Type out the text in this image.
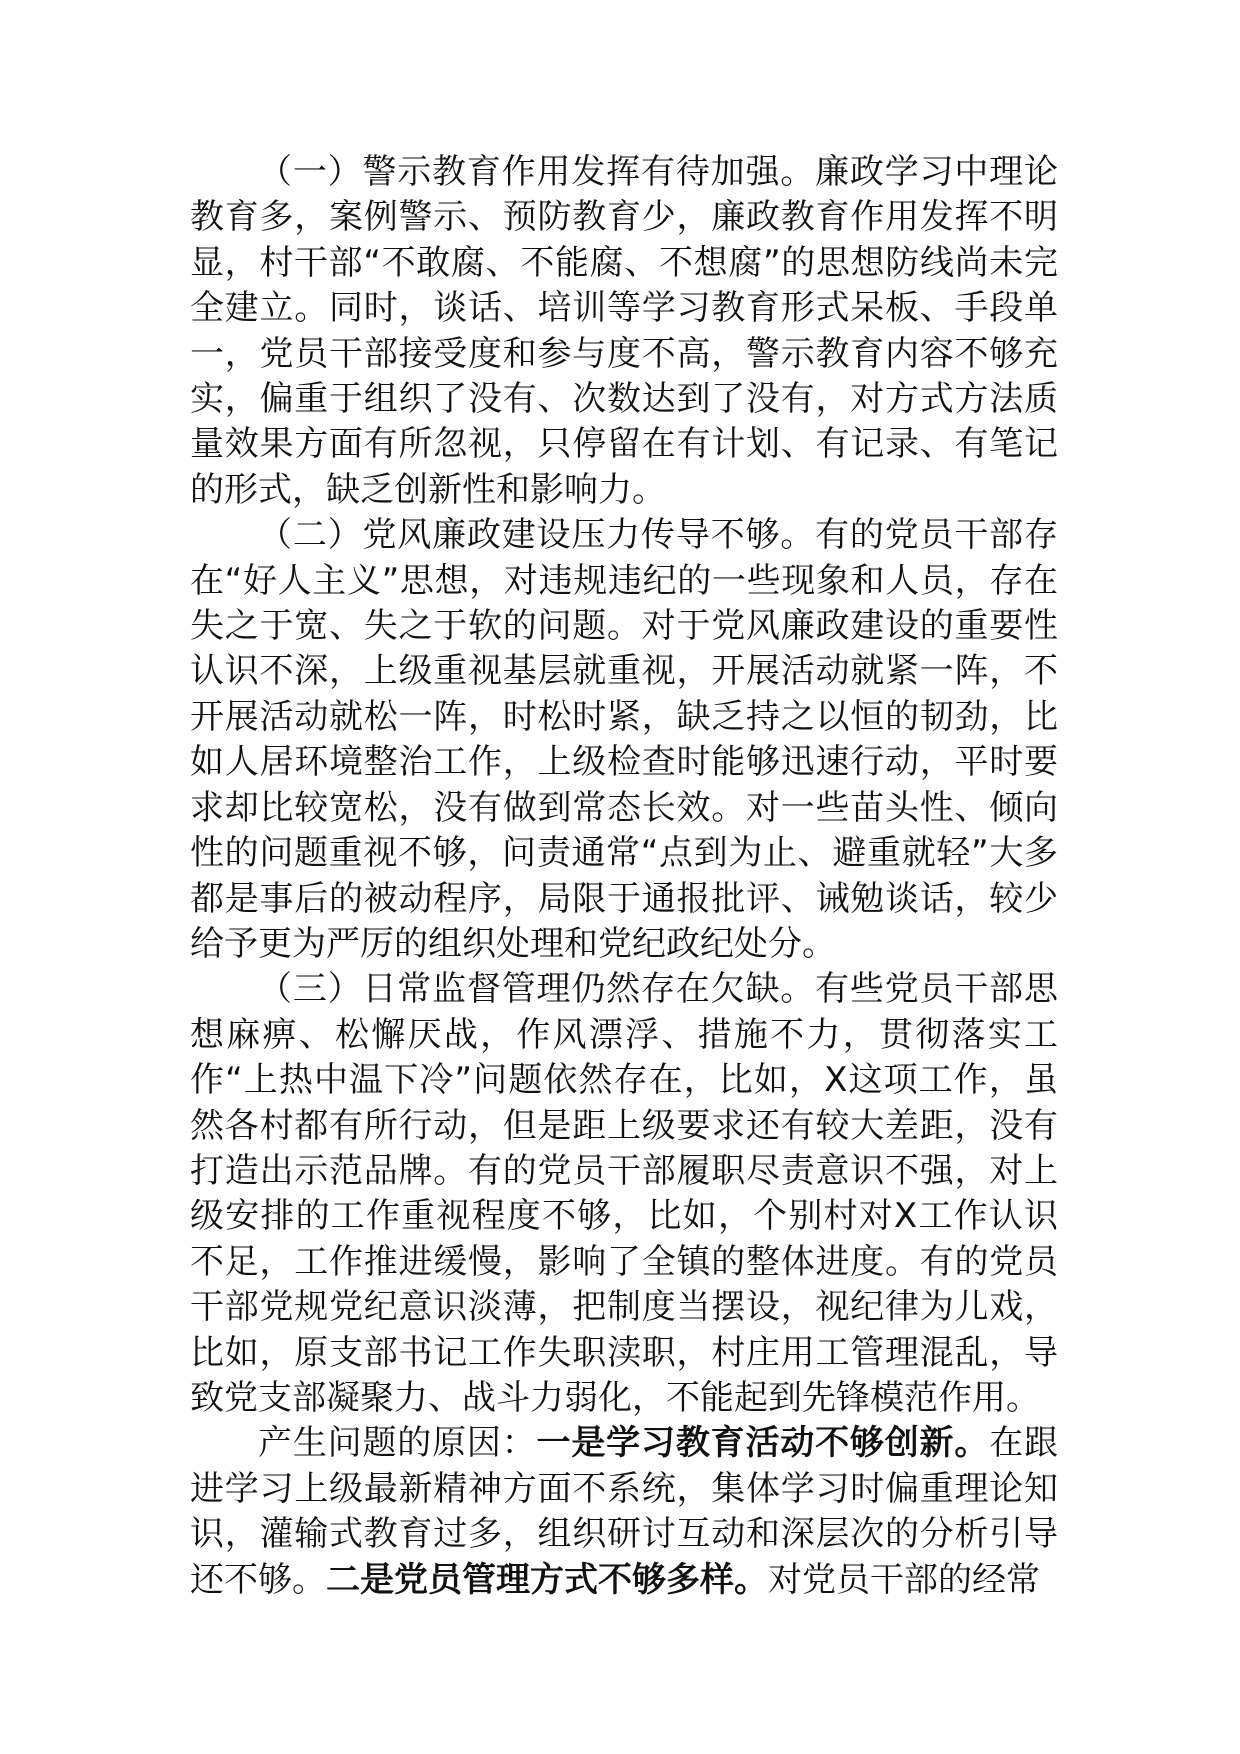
（一）警示教育作用发挥有待加强。廉政学习中理论教育多，案例警示、预防教育少，廉政教育作用发挥不明显，村干部“不敢腐、不能腐、不想腐”的思想防线尚未完全建立。同时，谈话、培训等学习教育形式呆板、手段单一，党员干部接受度和参与度不高，警示教育内容不够充实，偏重于组织了没有、次数达到了没有，对方式方法质量效果方面有所忽视，只停留在有计划、有记录、有笔记的形式，缺乏创新性和影响力。

（二）党风廉政建设压力传导不够。有的党员干部存在“好人主义”思想，对违规违纪的一些现象和人员，存在失之于宽、失之于软的问题。对于党风廉政建设的重要性认识不深，上级重视基层就重视，开展活动就紧一阵，不开展活动就松一阵，时松时紧，缺乏持之以恒的韧劲，比如人居环境整治工作，上级检查时能够迅速行动，平时要求却比较宽松，没有做到常态长效。对一些苗头性、倾向性的问题重视不够，问责通常“点到为止、避重就轻”大多都是事后的被动程序，局限于通报批评、诫勉谈话，较少给予更为严厉的组织处理和党纪政纪处分。

（三）日常监督管理仍然存在欠缺。有些党员干部思想麻痹、松懈厌战，作风漂浮、措施不力，贯彻落实工作“上热中温下冷”问题依然存在，比如，X这项工作，虽然各村都有所行动，但是距上级要求还有较大差距，没有打造出示范品牌。有的党员干部履职尽责意识不强，对上级安排的工作重视程度不够，比如，个别村对X工作认识不足，工作推进缓慢，影响了全镇的整体进度。有的党员干部党规党纪意识淡薄，把制度当摆设，视纪律为儿戏，比如，原支部书记工作失职渎职，村庄用工管理混乱，导致党支部凝聚力、战斗力弱化，不能起到先锋模范作用。

产生问题的原因：一是学习教育活动不够创新。在跟进学习上级最新精神方面不系统，集体学习时偏重理论知识，灌输式教育过多，组织研讨互动和深层次的分析引导还不够。二是党员管理方式不够多样。对党员干部的经常
